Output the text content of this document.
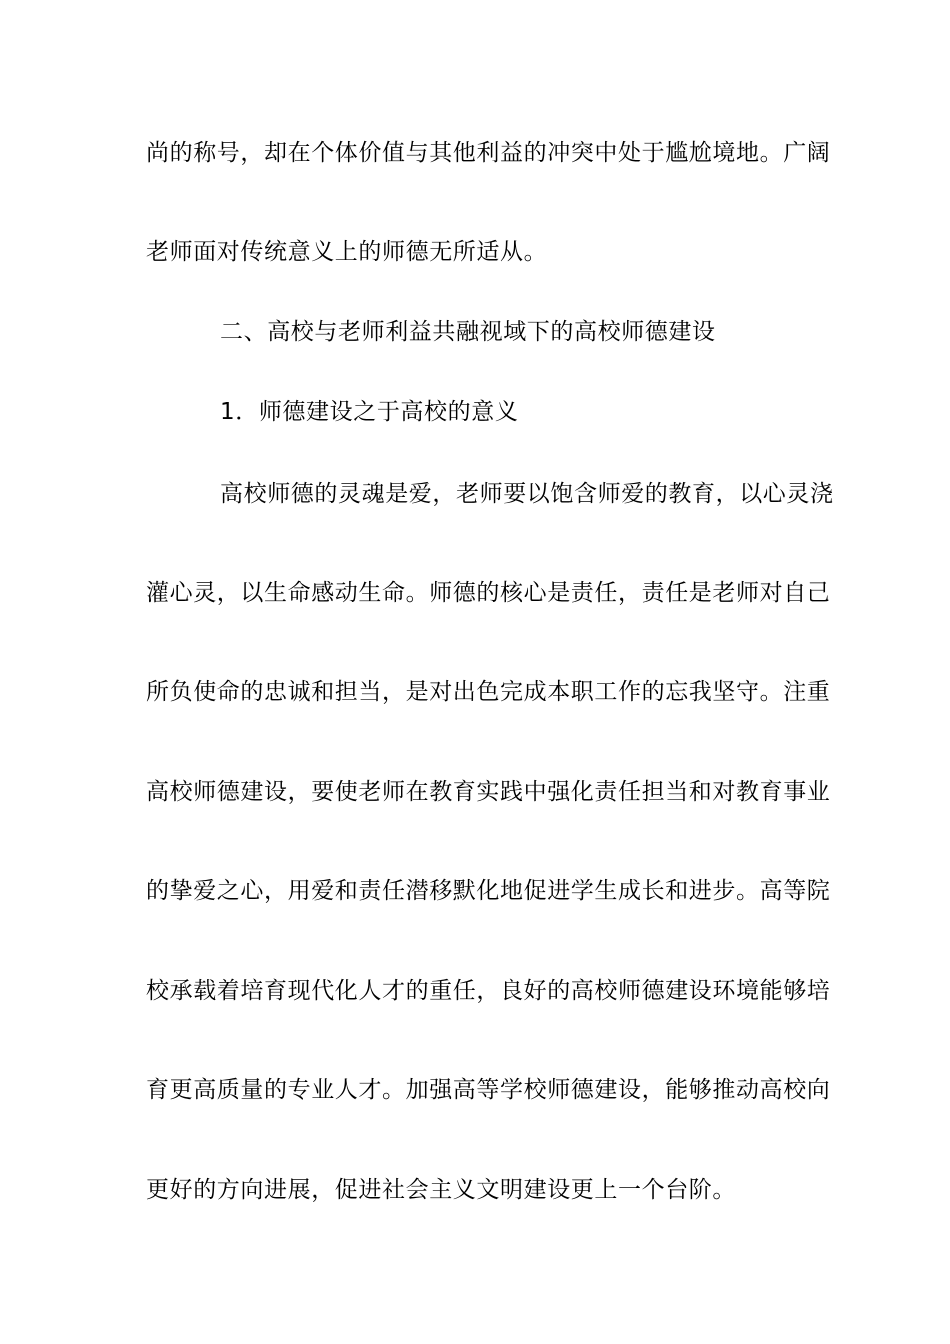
尚的称号，却在个体价值与其他利益的冲突中处于尴尬境地。广阔
老师面对传统意义上的师德无所适从。
二、高校与老师利益共融视域下的高校师德建设
1．师德建设之于高校的意义
高校师德的灵魂是爱，老师要以饱含师爱的教育，以心灵浇
灌心灵，以生命感动生命。师德的核心是责任，责任是老师对自己
所负使命的忠诚和担当，是对出色完成本职工作的忘我坚守。注重
高校师德建设，要使老师在教育实践中强化责任担当和对教育事业
的挚爱之心，用爱和责任潜移默化地促进学生成长和进步。高等院
校承载着培育现代化人才的重任，良好的高校师德建设环境能够培
育更高质量的专业人才。加强高等学校师德建设，能够推动高校向
更好的方向进展，促进社会主义文明建设更上一个台阶。
